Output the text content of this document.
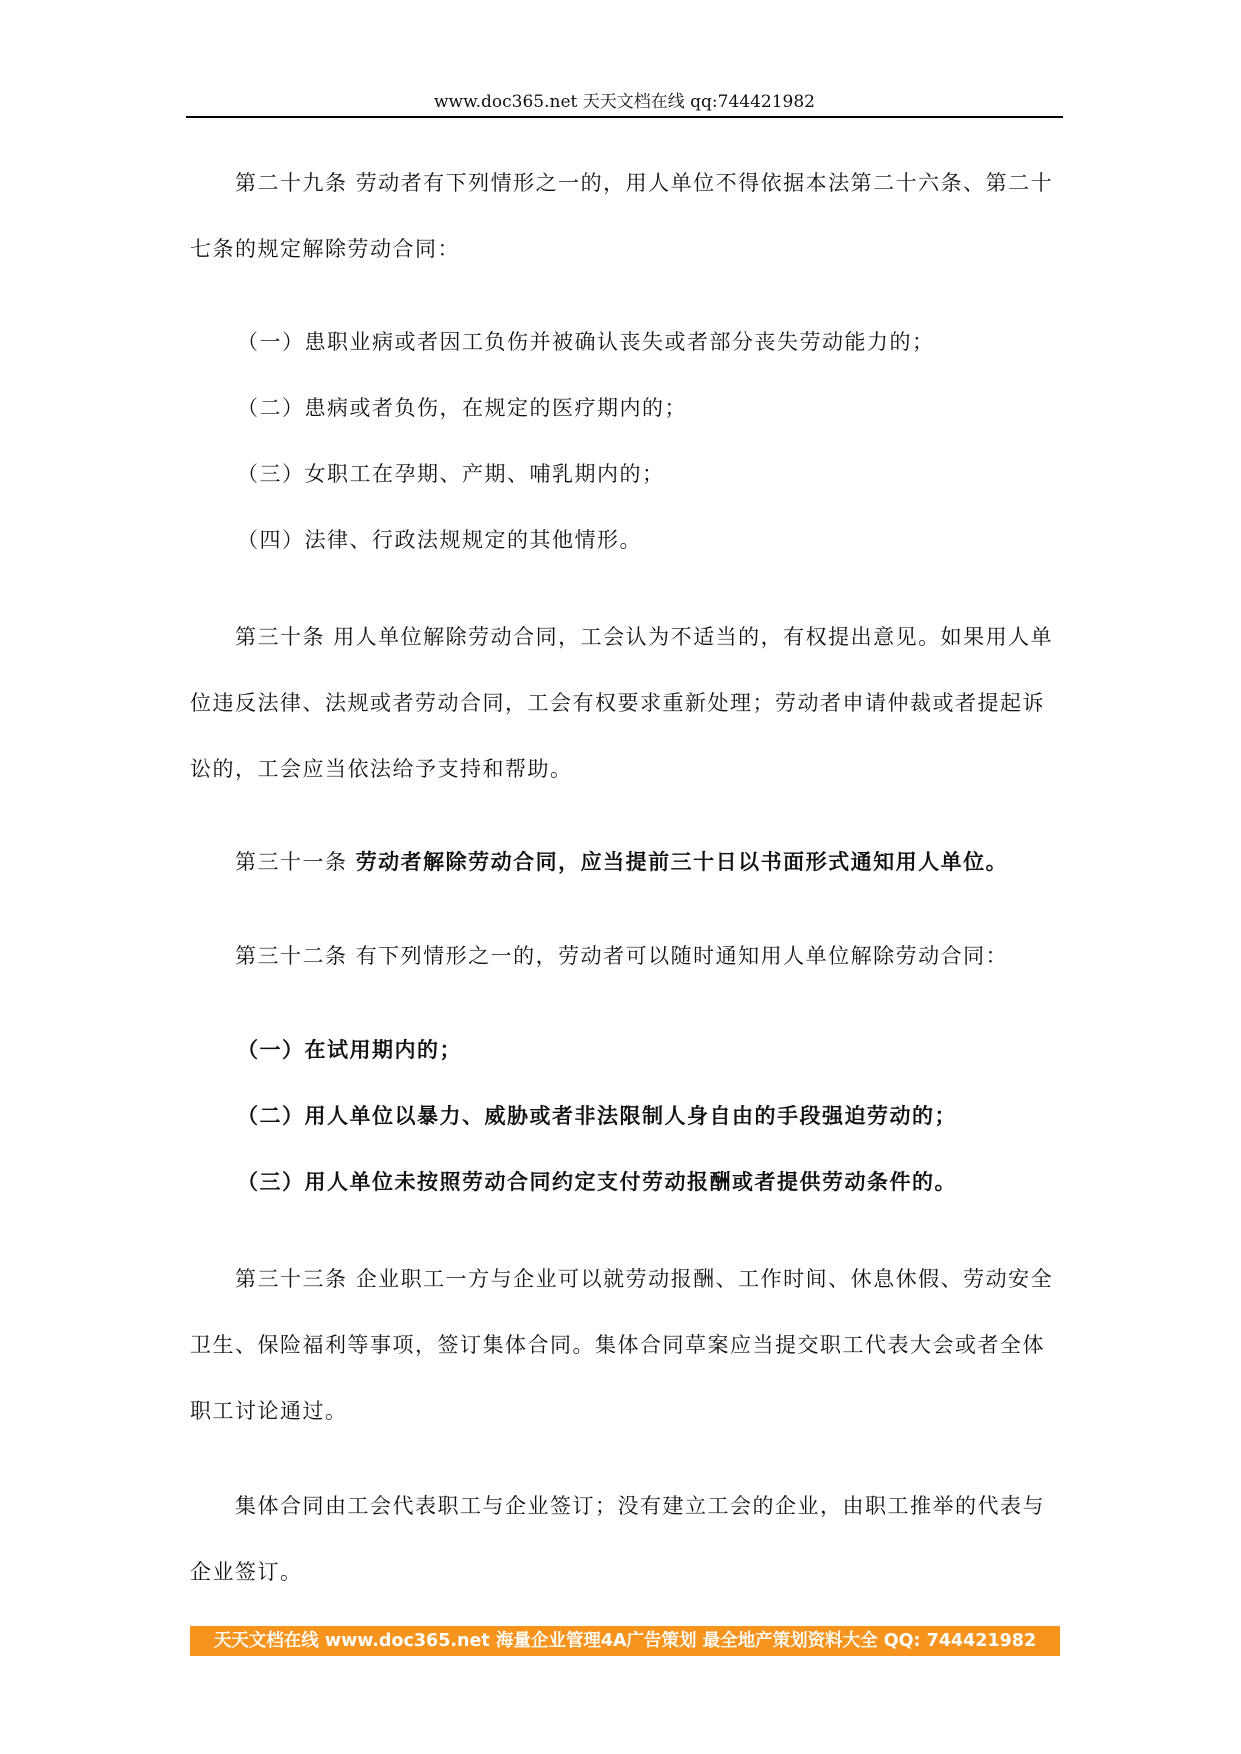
www.doc365.net 天天文档在线 qq:744421982
第二十九条 劳动者有下列情形之一的，用人单位不得依据本法第二十六条、第二十七条的规定解除劳动合同：
（一）患职业病或者因工负伤并被确认丧失或者部分丧失劳动能力的；
（二）患病或者负伤，在规定的医疗期内的；
（三）女职工在孕期、产期、哺乳期内的；
（四）法律、行政法规规定的其他情形。
第三十条 用人单位解除劳动合同，工会认为不适当的，有权提出意见。如果用人单位违反法律、法规或者劳动合同，工会有权要求重新处理；劳动者申请仲裁或者提起诉讼的，工会应当依法给予支持和帮助。
第三十一条 劳动者解除劳动合同，应当提前三十日以书面形式通知用人单位。
第三十二条 有下列情形之一的，劳动者可以随时通知用人单位解除劳动合同：
（一）在试用期内的；
（二）用人单位以暴力、威胁或者非法限制人身自由的手段强迫劳动的；
（三）用人单位未按照劳动合同约定支付劳动报酬或者提供劳动条件的。
第三十三条 企业职工一方与企业可以就劳动报酬、工作时间、休息休假、劳动安全卫生、保险福利等事项，签订集体合同。集体合同草案应当提交职工代表大会或者全体职工讨论通过。
集体合同由工会代表职工与企业签订；没有建立工会的企业，由职工推举的代表与企业签订。
天天文档在线 www.doc365.net 海量企业管理4A广告策划 最全地产策划资料大全 QQ: 744421982
